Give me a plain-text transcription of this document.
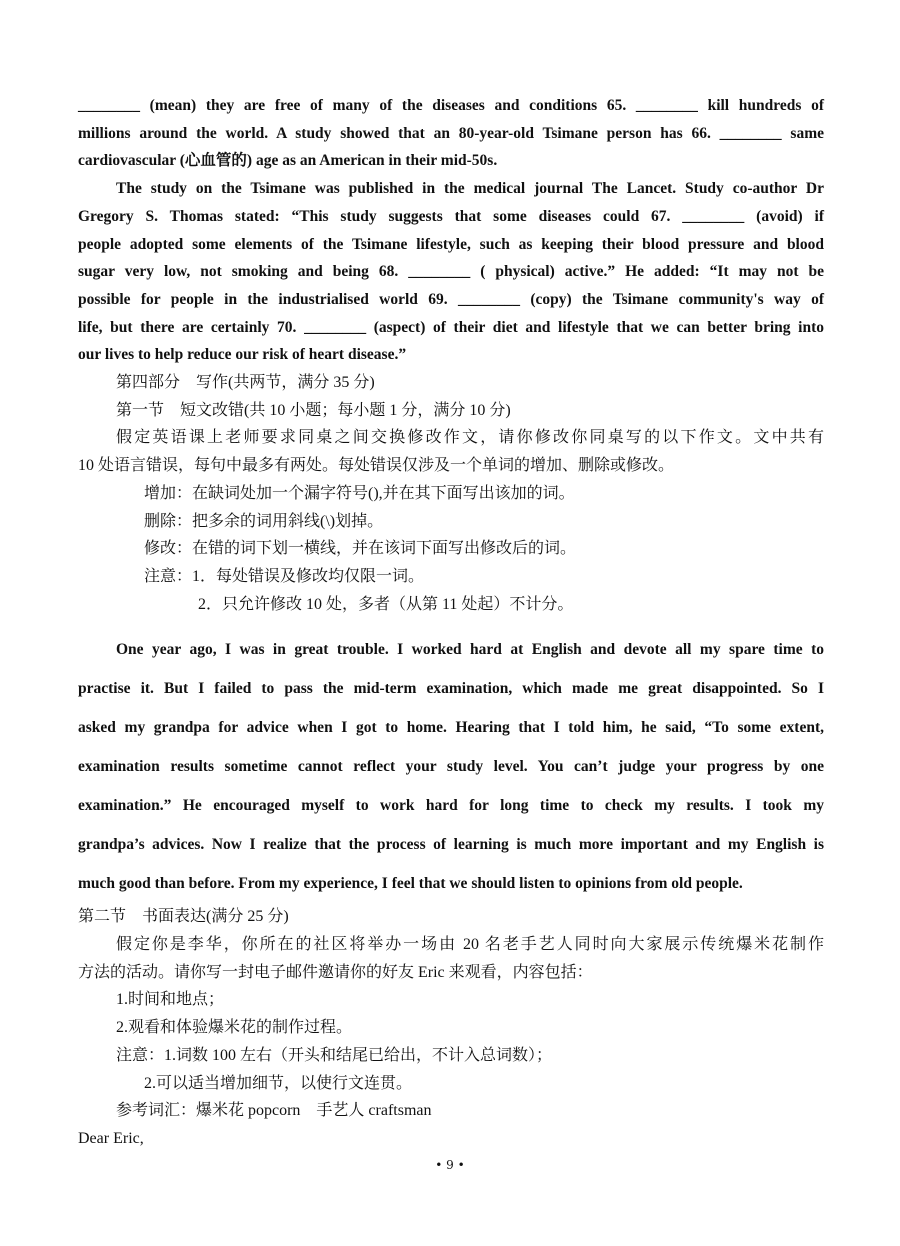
________ (mean) they are free of many of the diseases and conditions 65. ________ kill hundreds of
millions around the world. A study showed that an 80-year-old Tsimane person has 66. ________ same
cardiovascular (心血管的) age as an American in their mid-50s.
The study on the Tsimane was published in the medical journal The Lancet. Study co-author Dr
Gregory S. Thomas stated: “This study suggests that some diseases could 67. ________ (avoid) if
people adopted some elements of the Tsimane lifestyle, such as keeping their blood pressure and blood
sugar very low, not smoking and being 68. ________ ( physical) active.” He added: “It may not be
possible for people in the industrialised world 69. ________ (copy) the Tsimane community's way of
life, but there are certainly 70. ________ (aspect) of their diet and lifestyle that we can better bring into
our lives to help reduce our risk of heart disease.”
第四部分　写作(共两节，满分 35 分)
第一节　短文改错(共 10 小题；每小题 1 分，满分 10 分)
假定英语课上老师要求同桌之间交换修改作文，请你修改你同桌写的以下作文。文中共有
10 处语言错误，每句中最多有两处。每处错误仅涉及一个单词的增加、删除或修改。
增加：在缺词处加一个漏字符号(),并在其下面写出该加的词。
删除：把多余的词用斜线(\)划掉。
修改：在错的词下划一横线，并在该词下面写出修改后的词。
注意：1．每处错误及修改均仅限一词。
2．只允许修改 10 处，多者（从第 11 处起）不计分。
One year ago, I was in great trouble. I worked hard at English and devote all my spare time to
practise it. But I failed to pass the mid-term examination, which made me great disappointed. So I
asked my grandpa for advice when I got to home. Hearing that I told him, he said, “To some extent,
examination results sometime cannot reflect your study level. You can’t judge your progress by one
examination.” He encouraged myself to work hard for long time to check my results. I took my
grandpa’s advices. Now I realize that the process of learning is much more important and my English is
much good than before. From my experience, I feel that we should listen to opinions from old people.
第二节　书面表达(满分 25 分)
假定你是李华，你所在的社区将举办一场由 20 名老手艺人同时向大家展示传统爆米花制作
方法的活动。请你写一封电子邮件邀请你的好友 Eric 来观看，内容包括：
1.时间和地点；
2.观看和体验爆米花的制作过程。
注意：1.词数 100 左右（开头和结尾已给出，不计入总词数）；
2.可以适当增加细节，以使行文连贯。
参考词汇：爆米花 popcorn　手艺人 craftsman
Dear Eric,
• 9 •
